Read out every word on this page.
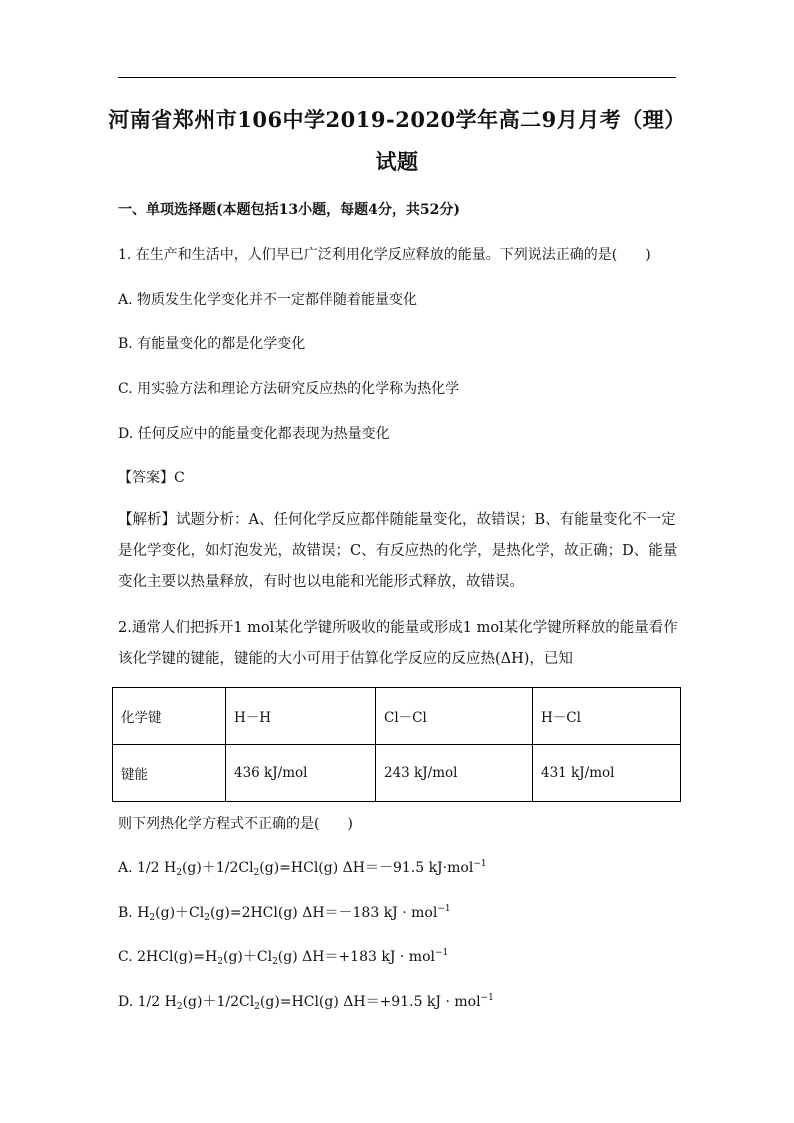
河南省郑州市106中学2019-2020学年高二9月月考（理）
试题
一、单项选择题(本题包括13小题，每题4分，共52分)
1. 在生产和生活中，人们早已广泛利用化学反应释放的能量。下列说法正确的是(　　)
A. 物质发生化学变化并不一定都伴随着能量变化
B. 有能量变化的都是化学变化
C. 用实验方法和理论方法研究反应热的化学称为热化学
D. 任何反应中的能量变化都表现为热量变化
【答案】C
【解析】试题分析：A、任何化学反应都伴随能量变化，故错误；B、有能量变化不一定是化学变化，如灯泡发光，故错误；C、有反应热的化学，是热化学，故正确；D、能量变化主要以热量释放，有时也以电能和光能形式释放，故错误。
2.通常人们把拆开1 mol某化学键所吸收的能量或形成1 mol某化学键所释放的能量看作该化学键的键能，键能的大小可用于估算化学反应的反应热(ΔH)，已知
化学键	H－H	Cl－Cl	H－Cl
键能	436 kJ/mol	243 kJ/mol	431 kJ/mol
则下列热化学方程式不正确的是(　　)
A. 1/2 $H_2(g)+1/2Cl_2(g)=HCl(g)$ ΔH＝－91.5 kJ·mol$^{-1}$
B. $H_2(g)+Cl_2(g)=2HCl(g)$ ΔH＝－183 kJ · mol$^{-1}$
C. $2HCl(g)=H_2(g)+Cl_2(g)$ ΔH＝+183 kJ · mol$^{-1}$
D. 1/2 $H_2(g)+1/2Cl_2(g)=HCl(g)$ ΔH＝+91.5 kJ · mol$^{-1}$
